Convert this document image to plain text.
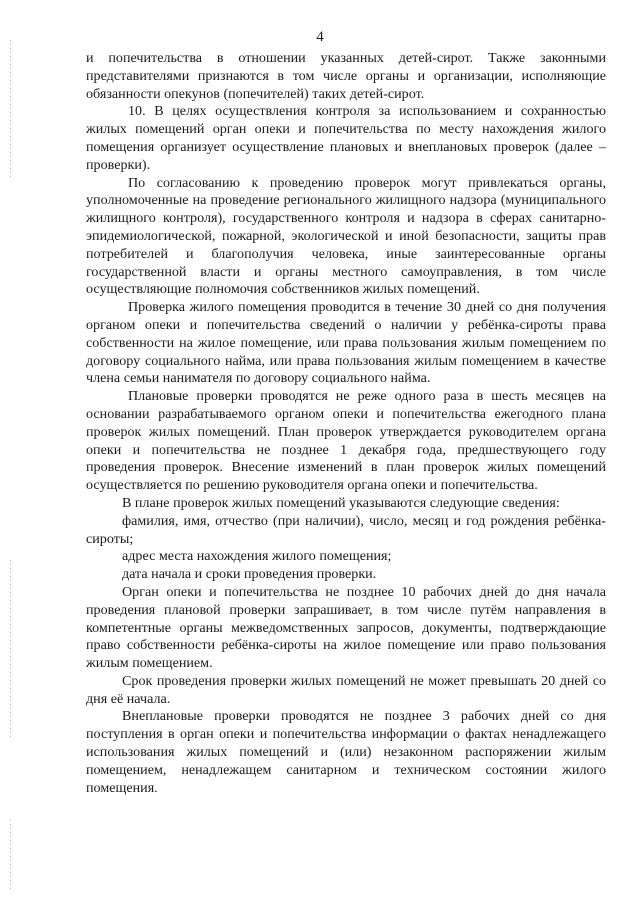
4

и попечительства в отношении указанных детей-сирот. Также законными представителями признаются в том числе органы и организации, исполняющие обязанности опекунов (попечителей) таких детей-сирот.

10. В целях осуществления контроля за использованием и сохранностью жилых помещений орган опеки и попечительства по месту нахождения жилого помещения организует осуществление плановых и внеплановых проверок (далее – проверки).

По согласованию к проведению проверок могут привлекаться органы, уполномоченные на проведение регионального жилищного надзора (муниципального жилищного контроля), государственного контроля и надзора в сферах санитарно-эпидемиологической, пожарной, экологической и иной безопасности, защиты прав потребителей и благополучия человека, иные заинтересованные органы государственной власти и органы местного самоуправления, в том числе осуществляющие полномочия собственников жилых помещений.

Проверка жилого помещения проводится в течение 30 дней со дня получения органом опеки и попечительства сведений о наличии у ребёнка-сироты права собственности на жилое помещение, или права пользования жилым помещением по договору социального найма, или права пользования жилым помещением в качестве члена семьи нанимателя по договору социального найма.

Плановые проверки проводятся не реже одного раза в шесть месяцев на основании разрабатываемого органом опеки и попечительства ежегодного плана проверок жилых помещений. План проверок утверждается руководителем органа опеки и попечительства не позднее 1 декабря года, предшествующего году проведения проверок. Внесение изменений в план проверок жилых помещений осуществляется по решению руководителя органа опеки и попечительства.

В плане проверок жилых помещений указываются следующие сведения:

фамилия, имя, отчество (при наличии), число, месяц и год рождения ребёнка-сироты;

адрес места нахождения жилого помещения;

дата начала и сроки проведения проверки.

Орган опеки и попечительства не позднее 10 рабочих дней до дня начала проведения плановой проверки запрашивает, в том числе путём направления в компетентные органы межведомственных запросов, документы, подтверждающие право собственности ребёнка-сироты на жилое помещение или право пользования жилым помещением.

Срок проведения проверки жилых помещений не может превышать 20 дней со дня её начала.

Внеплановые проверки проводятся не позднее 3 рабочих дней со дня поступления в орган опеки и попечительства информации о фактах ненадлежащего использования жилых помещений и (или) незаконном распоряжении жилым помещением, ненадлежащем санитарном и техническом состоянии жилого помещения.
